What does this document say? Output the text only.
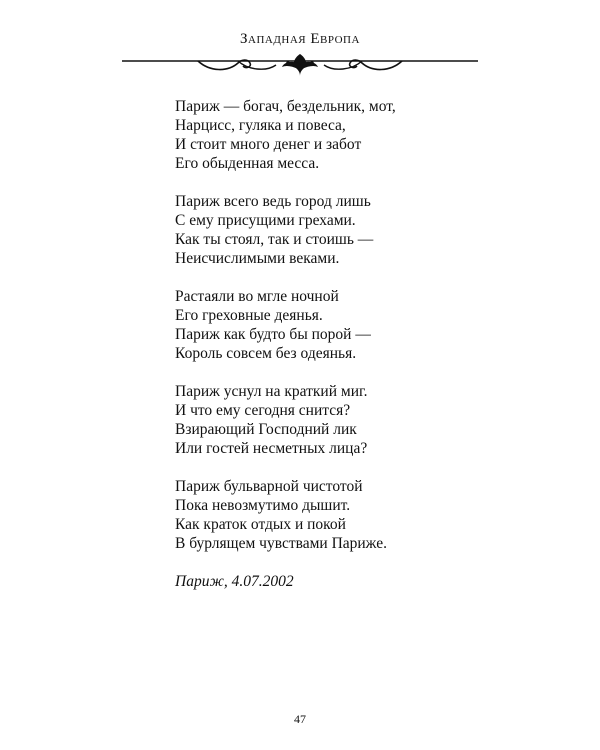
Западная Европа
Париж — богач, бездельник, мот,
Нарцисс, гуляка и повеса,
И стоит много денег и забот
Его обыденная месса.
Париж всего ведь город лишь
С ему присущими грехами.
Как ты стоял, так и стоишь —
Неисчислимыми веками.
Растаяли во мгле ночной
Его греховные деянья.
Париж как будто бы порой —
Король совсем без одеянья.
Париж уснул на краткий миг.
И что ему сегодня снится?
Взирающий Господний лик
Или гостей несметных лица?
Париж бульварной чистотой
Пока невозмутимо дышит.
Как краток отдых и покой
В бурлящем чувствами Париже.
Париж, 4.07.2002
47
